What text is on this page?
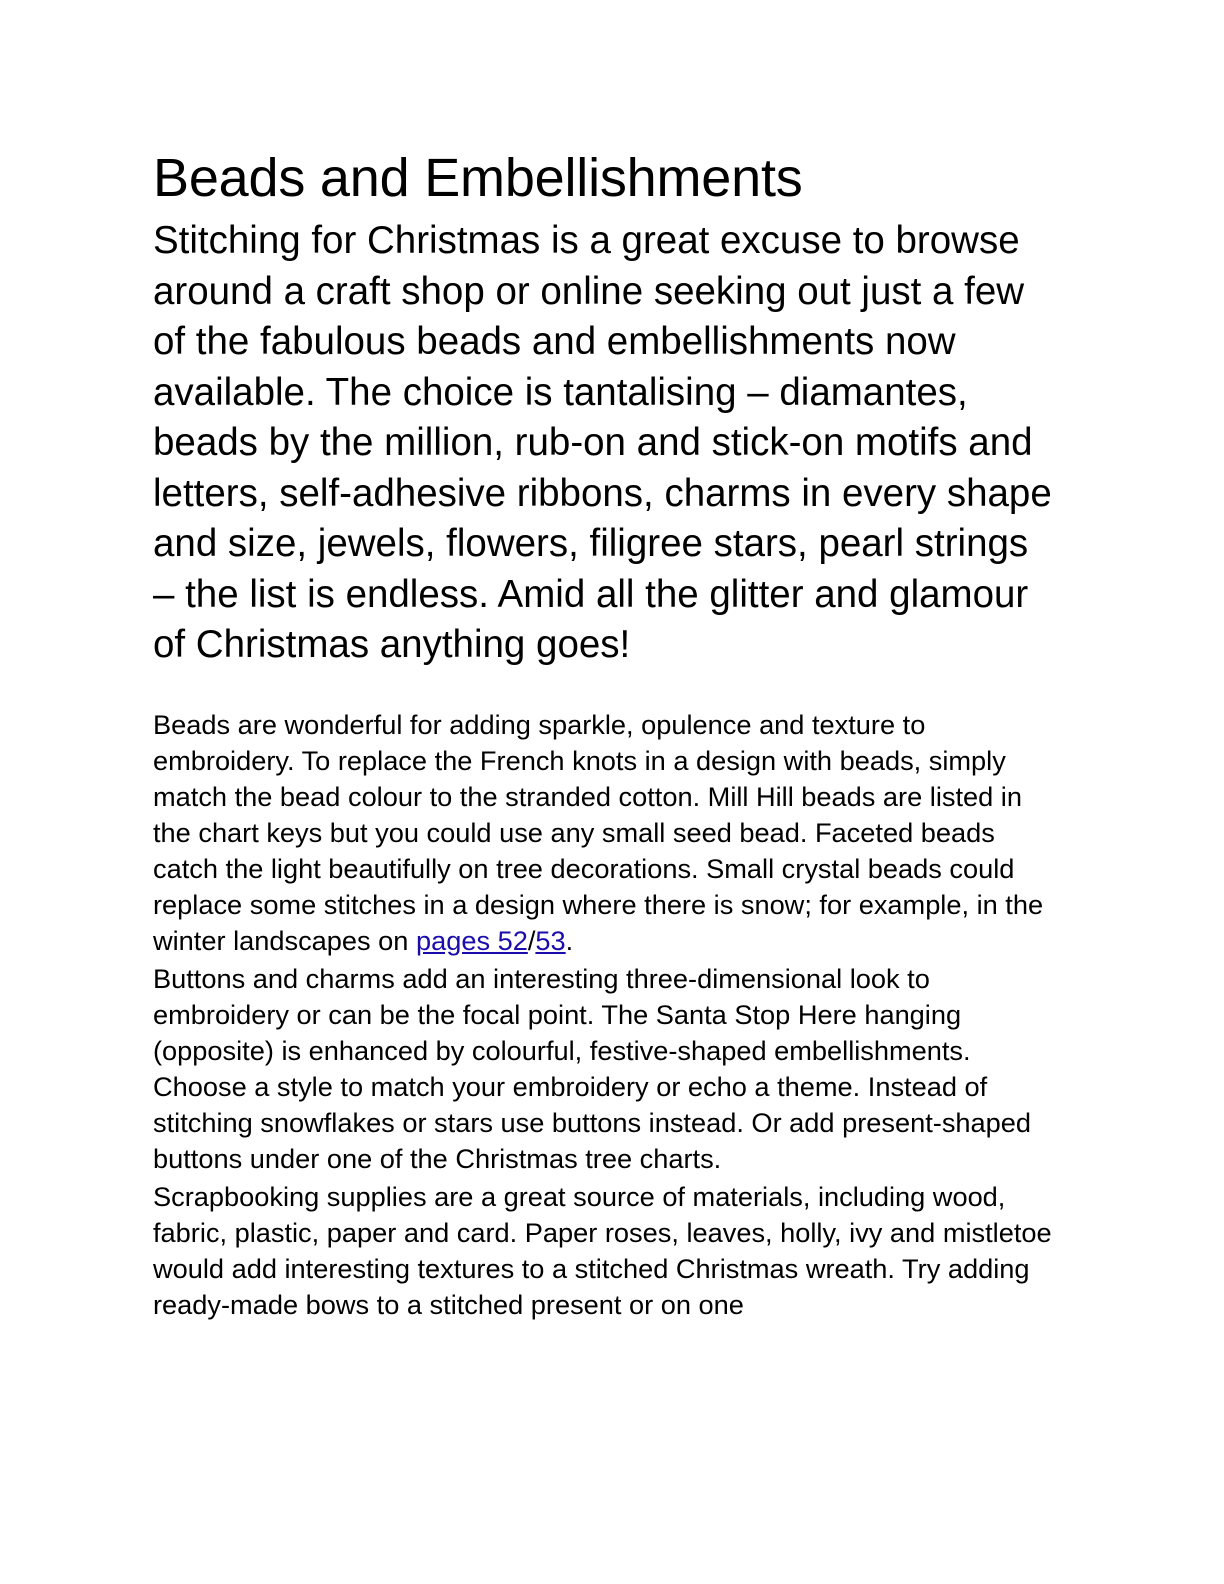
Beads and Embellishments

Stitching for Christmas is a great excuse to browse around a craft shop or online seeking out just a few of the fabulous beads and embellishments now available. The choice is tantalising – diamantes, beads by the million, rub-on and stick-on motifs and letters, self-adhesive ribbons, charms in every shape and size, jewels, flowers, filigree stars, pearl strings – the list is endless. Amid all the glitter and glamour of Christmas anything goes!

Beads are wonderful for adding sparkle, opulence and texture to embroidery. To replace the French knots in a design with beads, simply match the bead colour to the stranded cotton. Mill Hill beads are listed in the chart keys but you could use any small seed bead. Faceted beads catch the light beautifully on tree decorations. Small crystal beads could replace some stitches in a design where there is snow; for example, in the winter landscapes on pages 52/53.

Buttons and charms add an interesting three-dimensional look to embroidery or can be the focal point. The Santa Stop Here hanging (opposite) is enhanced by colourful, festive-shaped embellishments. Choose a style to match your embroidery or echo a theme. Instead of stitching snowflakes or stars use buttons instead. Or add present-shaped buttons under one of the Christmas tree charts.

Scrapbooking supplies are a great source of materials, including wood, fabric, plastic, paper and card. Paper roses, leaves, holly, ivy and mistletoe would add interesting textures to a stitched Christmas wreath. Try adding ready-made bows to a stitched present or on one
